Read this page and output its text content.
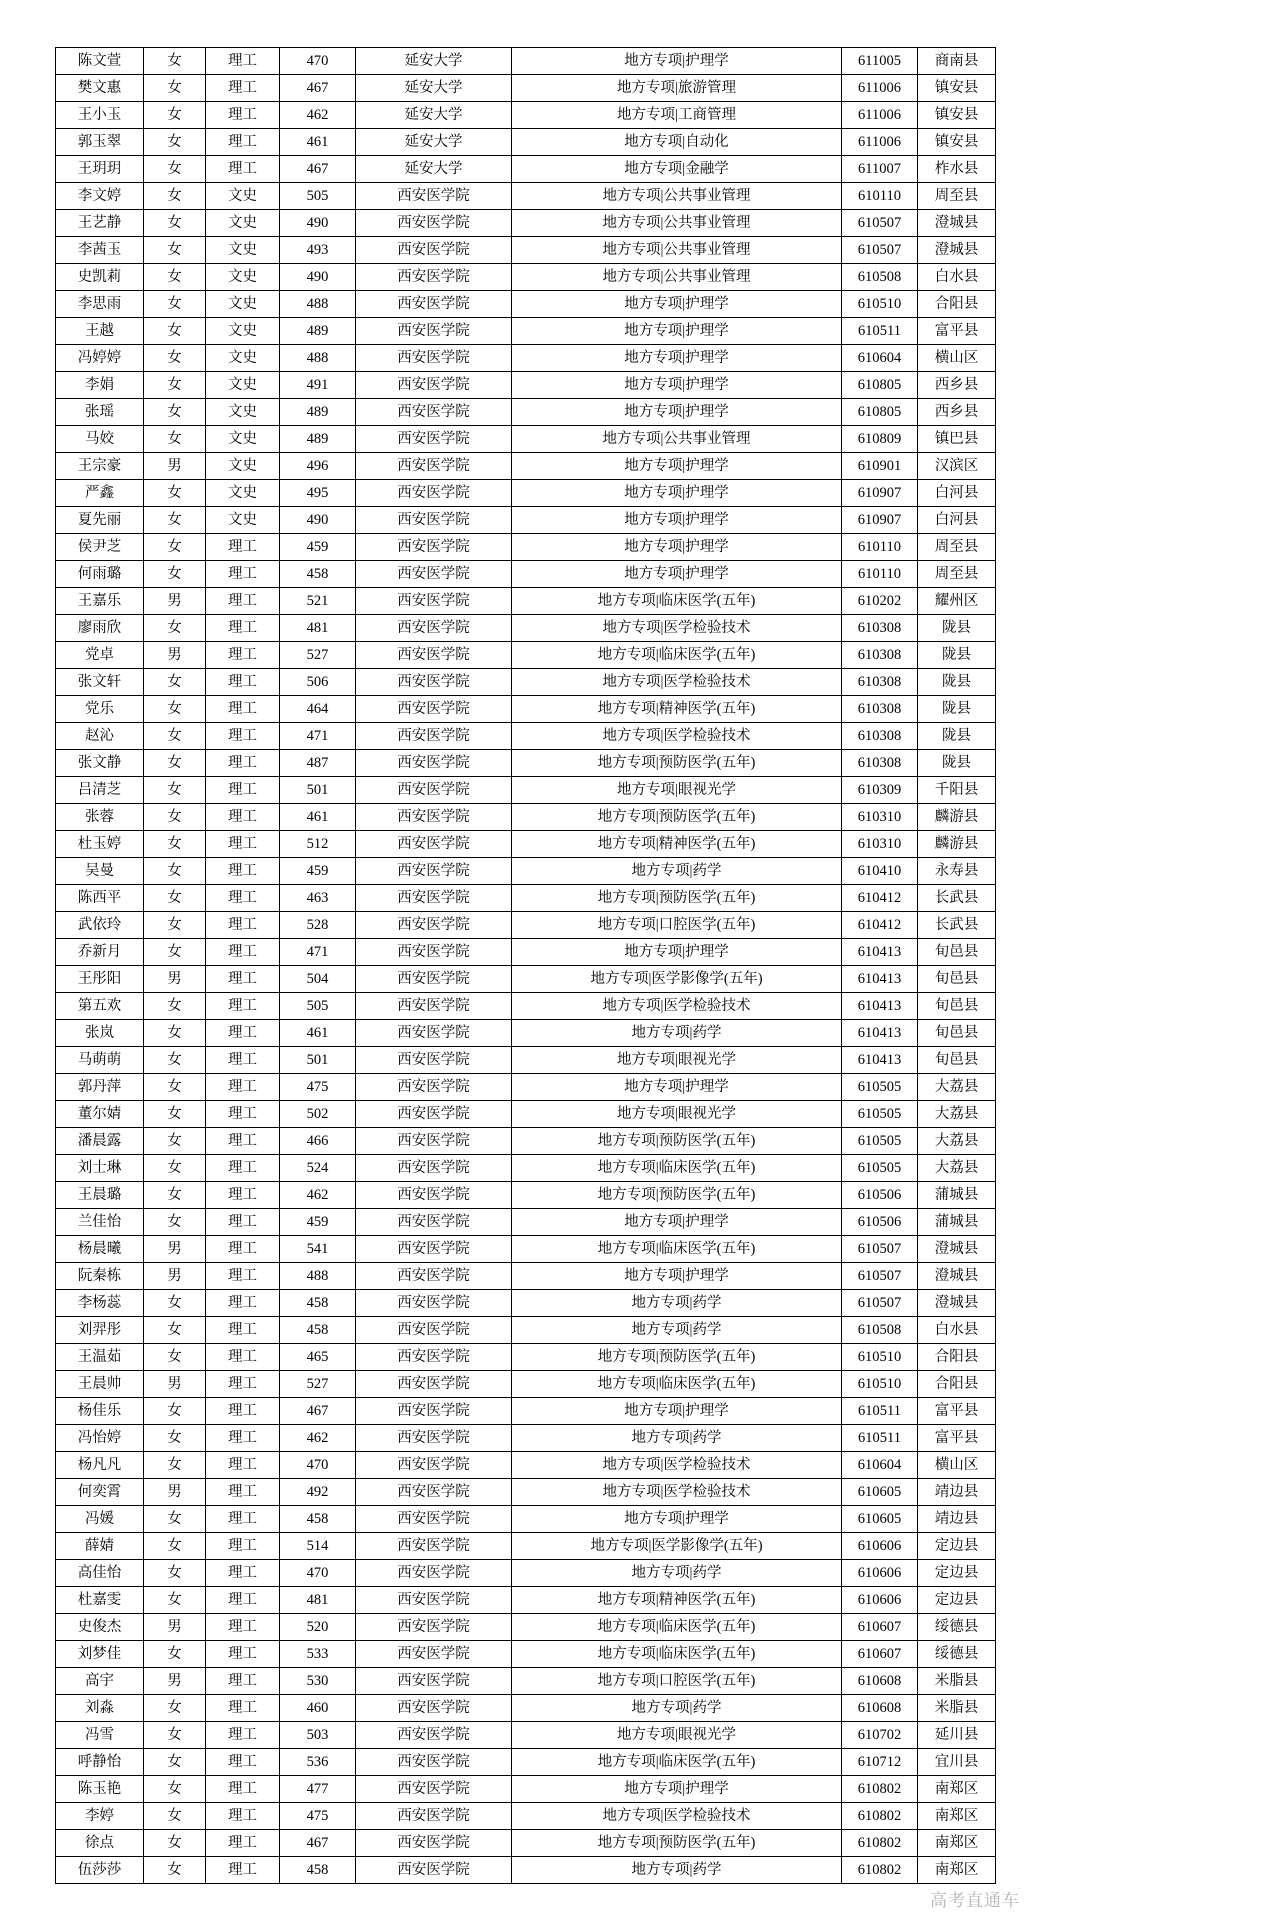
陈文萱	女	理工	470	延安大学	地方专项|护理学	611005	商南县
樊文惠	女	理工	467	延安大学	地方专项|旅游管理	611006	镇安县
王小玉	女	理工	462	延安大学	地方专项|工商管理	611006	镇安县
郭玉翠	女	理工	461	延安大学	地方专项|自动化	611006	镇安县
王玥玥	女	理工	467	延安大学	地方专项|金融学	611007	柞水县
李文婷	女	文史	505	西安医学院	地方专项|公共事业管理	610110	周至县
王艺静	女	文史	490	西安医学院	地方专项|公共事业管理	610507	澄城县
李茜玉	女	文史	493	西安医学院	地方专项|公共事业管理	610507	澄城县
史凯莉	女	文史	490	西安医学院	地方专项|公共事业管理	610508	白水县
李思雨	女	文史	488	西安医学院	地方专项|护理学	610510	合阳县
王越	女	文史	489	西安医学院	地方专项|护理学	610511	富平县
冯婷婷	女	文史	488	西安医学院	地方专项|护理学	610604	横山区
李娟	女	文史	491	西安医学院	地方专项|护理学	610805	西乡县
张瑶	女	文史	489	西安医学院	地方专项|护理学	610805	西乡县
马姣	女	文史	489	西安医学院	地方专项|公共事业管理	610809	镇巴县
王宗豪	男	文史	496	西安医学院	地方专项|护理学	610901	汉滨区
严鑫	女	文史	495	西安医学院	地方专项|护理学	610907	白河县
夏先丽	女	文史	490	西安医学院	地方专项|护理学	610907	白河县
侯尹芝	女	理工	459	西安医学院	地方专项|护理学	610110	周至县
何雨璐	女	理工	458	西安医学院	地方专项|护理学	610110	周至县
王嘉乐	男	理工	521	西安医学院	地方专项|临床医学(五年)	610202	耀州区
廖雨欣	女	理工	481	西安医学院	地方专项|医学检验技术	610308	陇县
党卓	男	理工	527	西安医学院	地方专项|临床医学(五年)	610308	陇县
张文轩	女	理工	506	西安医学院	地方专项|医学检验技术	610308	陇县
党乐	女	理工	464	西安医学院	地方专项|精神医学(五年)	610308	陇县
赵沁	女	理工	471	西安医学院	地方专项|医学检验技术	610308	陇县
张文静	女	理工	487	西安医学院	地方专项|预防医学(五年)	610308	陇县
吕清芝	女	理工	501	西安医学院	地方专项|眼视光学	610309	千阳县
张蓉	女	理工	461	西安医学院	地方专项|预防医学(五年)	610310	麟游县
杜玉婷	女	理工	512	西安医学院	地方专项|精神医学(五年)	610310	麟游县
吴曼	女	理工	459	西安医学院	地方专项|药学	610410	永寿县
陈西平	女	理工	463	西安医学院	地方专项|预防医学(五年)	610412	长武县
武依玲	女	理工	528	西安医学院	地方专项|口腔医学(五年)	610412	长武县
乔新月	女	理工	471	西安医学院	地方专项|护理学	610413	旬邑县
王彤阳	男	理工	504	西安医学院	地方专项|医学影像学(五年)	610413	旬邑县
第五欢	女	理工	505	西安医学院	地方专项|医学检验技术	610413	旬邑县
张岚	女	理工	461	西安医学院	地方专项|药学	610413	旬邑县
马萌萌	女	理工	501	西安医学院	地方专项|眼视光学	610413	旬邑县
郭丹萍	女	理工	475	西安医学院	地方专项|护理学	610505	大荔县
董尔婧	女	理工	502	西安医学院	地方专项|眼视光学	610505	大荔县
潘晨露	女	理工	466	西安医学院	地方专项|预防医学(五年)	610505	大荔县
刘士琳	女	理工	524	西安医学院	地方专项|临床医学(五年)	610505	大荔县
王晨璐	女	理工	462	西安医学院	地方专项|预防医学(五年)	610506	蒲城县
兰佳怡	女	理工	459	西安医学院	地方专项|护理学	610506	蒲城县
杨晨曦	男	理工	541	西安医学院	地方专项|临床医学(五年)	610507	澄城县
阮秦栋	男	理工	488	西安医学院	地方专项|护理学	610507	澄城县
李杨蕊	女	理工	458	西安医学院	地方专项|药学	610507	澄城县
刘羿彤	女	理工	458	西安医学院	地方专项|药学	610508	白水县
王温茹	女	理工	465	西安医学院	地方专项|预防医学(五年)	610510	合阳县
王晨帅	男	理工	527	西安医学院	地方专项|临床医学(五年)	610510	合阳县
杨佳乐	女	理工	467	西安医学院	地方专项|护理学	610511	富平县
冯怡婷	女	理工	462	西安医学院	地方专项|药学	610511	富平县
杨凡凡	女	理工	470	西安医学院	地方专项|医学检验技术	610604	横山区
何奕霄	男	理工	492	西安医学院	地方专项|医学检验技术	610605	靖边县
冯媛	女	理工	458	西安医学院	地方专项|护理学	610605	靖边县
薛婧	女	理工	514	西安医学院	地方专项|医学影像学(五年)	610606	定边县
高佳怡	女	理工	470	西安医学院	地方专项|药学	610606	定边县
杜嘉雯	女	理工	481	西安医学院	地方专项|精神医学(五年)	610606	定边县
史俊杰	男	理工	520	西安医学院	地方专项|临床医学(五年)	610607	绥德县
刘梦佳	女	理工	533	西安医学院	地方专项|临床医学(五年)	610607	绥德县
高宇	男	理工	530	西安医学院	地方专项|口腔医学(五年)	610608	米脂县
刘淼	女	理工	460	西安医学院	地方专项|药学	610608	米脂县
冯雪	女	理工	503	西安医学院	地方专项|眼视光学	610702	延川县
呼静怡	女	理工	536	西安医学院	地方专项|临床医学(五年)	610712	宜川县
陈玉艳	女	理工	477	西安医学院	地方专项|护理学	610802	南郑区
李婷	女	理工	475	西安医学院	地方专项|医学检验技术	610802	南郑区
徐点	女	理工	467	西安医学院	地方专项|预防医学(五年)	610802	南郑区
伍莎莎	女	理工	458	西安医学院	地方专项|药学	610802	南郑区
高考直通车
